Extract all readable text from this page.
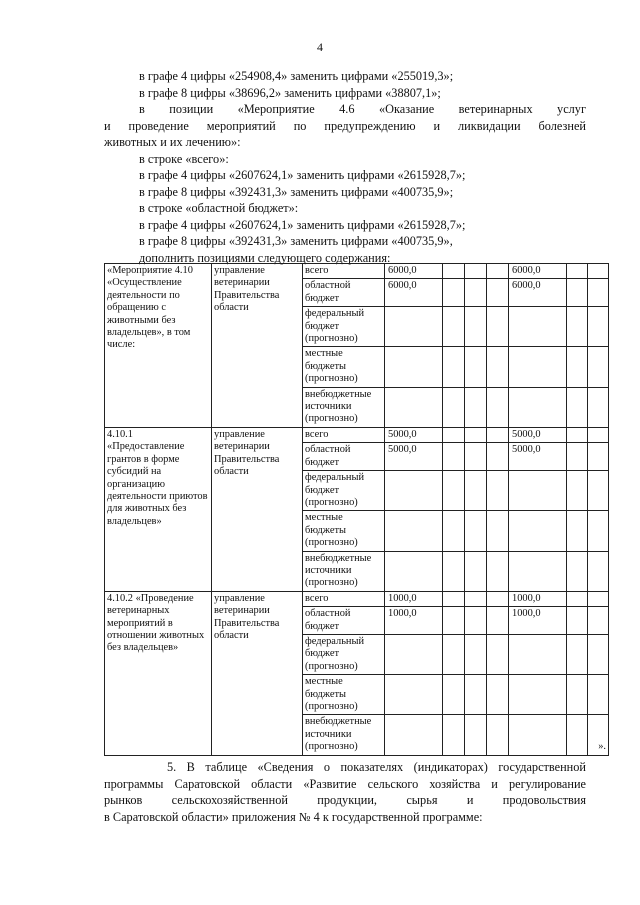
4

в графе 4 цифры «254908,4» заменить цифрами «255019,3»;

в графе 8 цифры «38696,2» заменить цифрами «38807,1»;

в позиции «Мероприятие 4.6 «Оказание ветеринарных услуг

и проведение мероприятий по предупреждению и ликвидации болезней

животных и их лечению»:

в строке «всего»:

в графе 4 цифры «2607624,1» заменить цифрами «2615928,7»;

в графе 8 цифры «392431,3» заменить цифрами «400735,9»;

в строке «областной бюджет»:

в графе 4 цифры «2607624,1» заменить цифрами «2615928,7»;

в графе 8 цифры «392431,3» заменить цифрами «400735,9»,

дополнить позициями следующего содержания:

«Мероприятие 4.10 «Осуществление деятельности по обращению с животными без владельцев», в том числе:	управление ветеринарии Правительства области	всего	6000,0				6000,0		
		областной бюджет	6000,0				6000,0		
		федеральный бюджет (прогнозно)							
		местные бюджеты (прогнозно)							
		внебюджетные источники (прогнозно)							
4.10.1 «Предоставление грантов в форме субсидий на организацию деятельности приютов для животных без владельцев»	управление ветеринарии Правительства области	всего	5000,0				5000,0		
		областной бюджет	5000,0				5000,0		
		федеральный бюджет (прогнозно)							
		местные бюджеты (прогнозно)							
		внебюджетные источники (прогнозно)							
4.10.2 «Проведение ветеринарных мероприятий в отношении животных без владельцев»	управление ветеринарии Правительства области	всего	1000,0				1000,0		
		областной бюджет	1000,0				1000,0		
		федеральный бюджет (прогнозно)							
		местные бюджеты (прогнозно)							
		внебюджетные источники (прогнозно)							».

5. В таблице «Сведения о показателях (индикаторах) государственной

программы Саратовской области «Развитие сельского хозяйства и регулирование

рынков сельскохозяйственной продукции, сырья и продовольствия

в Саратовской области» приложения № 4 к государственной программе:
